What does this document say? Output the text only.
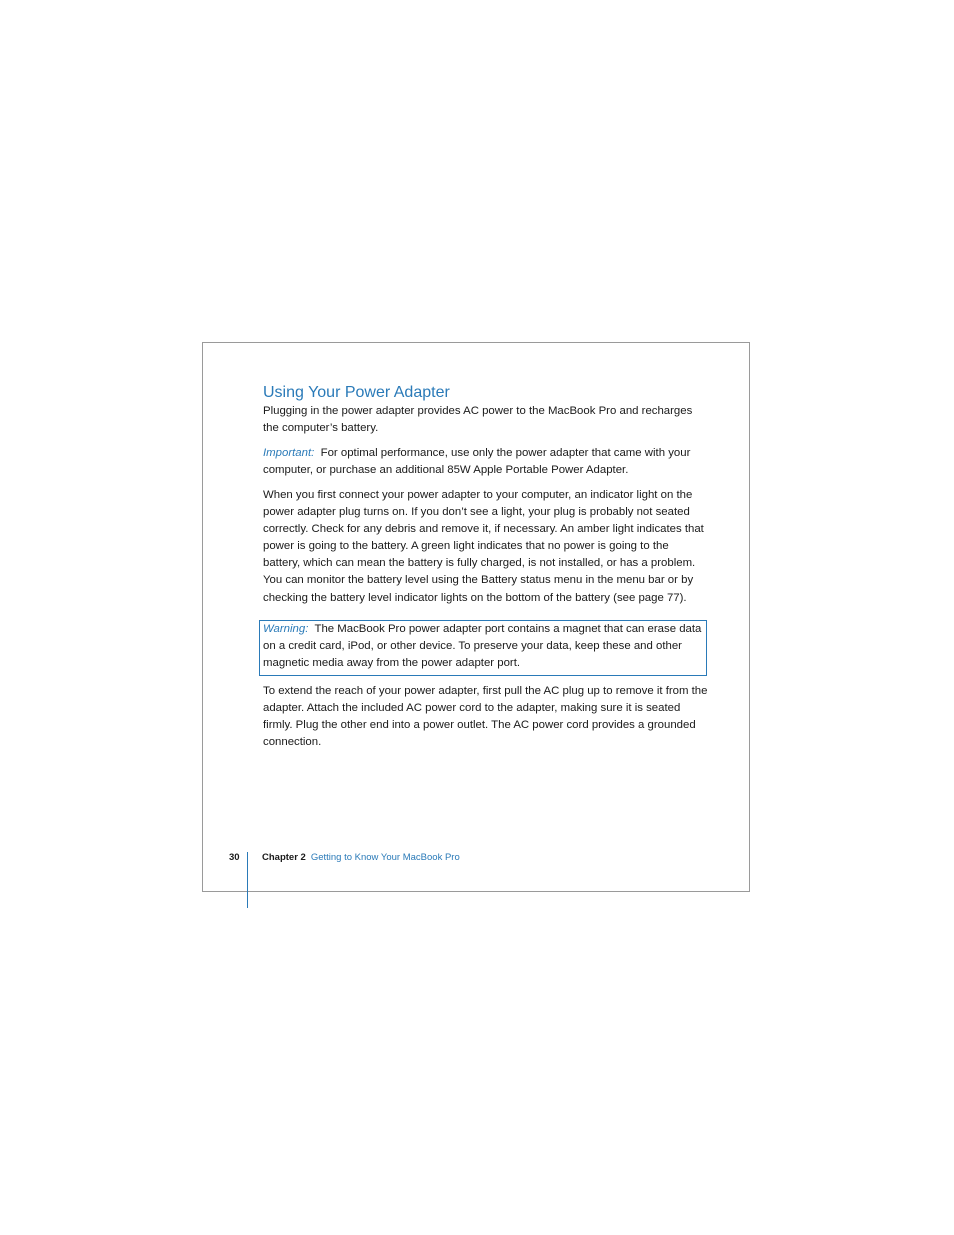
Using Your Power Adapter

Plugging in the power adapter provides AC power to the MacBook Pro and recharges the computer’s battery.

Important: For optimal performance, use only the power adapter that came with your computer, or purchase an additional 85W Apple Portable Power Adapter.

When you first connect your power adapter to your computer, an indicator light on the power adapter plug turns on. If you don’t see a light, your plug is probably not seated correctly. Check for any debris and remove it, if necessary. An amber light indicates that power is going to the battery. A green light indicates that no power is going to the battery, which can mean the battery is fully charged, is not installed, or has a problem. You can monitor the battery level using the Battery status menu in the menu bar or by checking the battery level indicator lights on the bottom of the battery (see page 77).

Warning: The MacBook Pro power adapter port contains a magnet that can erase data on a credit card, iPod, or other device. To preserve your data, keep these and other magnetic media away from the power adapter port.

To extend the reach of your power adapter, first pull the AC plug up to remove it from the adapter. Attach the included AC power cord to the adapter, making sure it is seated firmly. Plug the other end into a power outlet. The AC power cord provides a grounded connection.

30 Chapter 2 Getting to Know Your MacBook Pro
